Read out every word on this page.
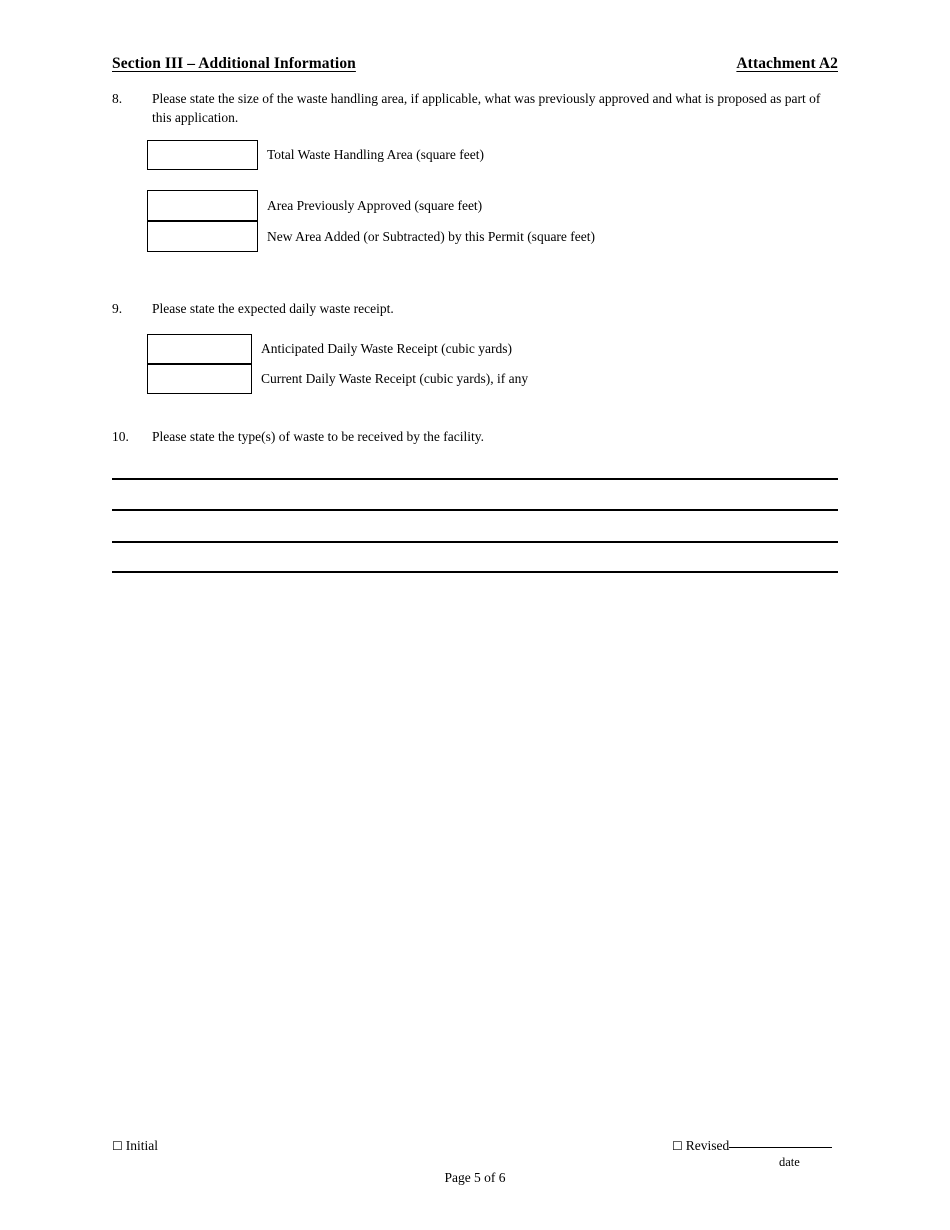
Section III – Additional Information	Attachment A2
8.	Please state the size of the waste handling area, if applicable, what was previously approved and what is proposed as part of this application.
Total Waste Handling Area (square feet)
Area Previously Approved (square feet)
New Area Added (or Subtracted) by this Permit (square feet)
9.	Please state the expected daily waste receipt.
Anticipated Daily Waste Receipt (cubic yards)
Current Daily Waste Receipt (cubic yards), if any
10.	Please state the type(s) of waste to be received by the facility.
☐ Initial	☐ Revised
date
Page 5 of 6
